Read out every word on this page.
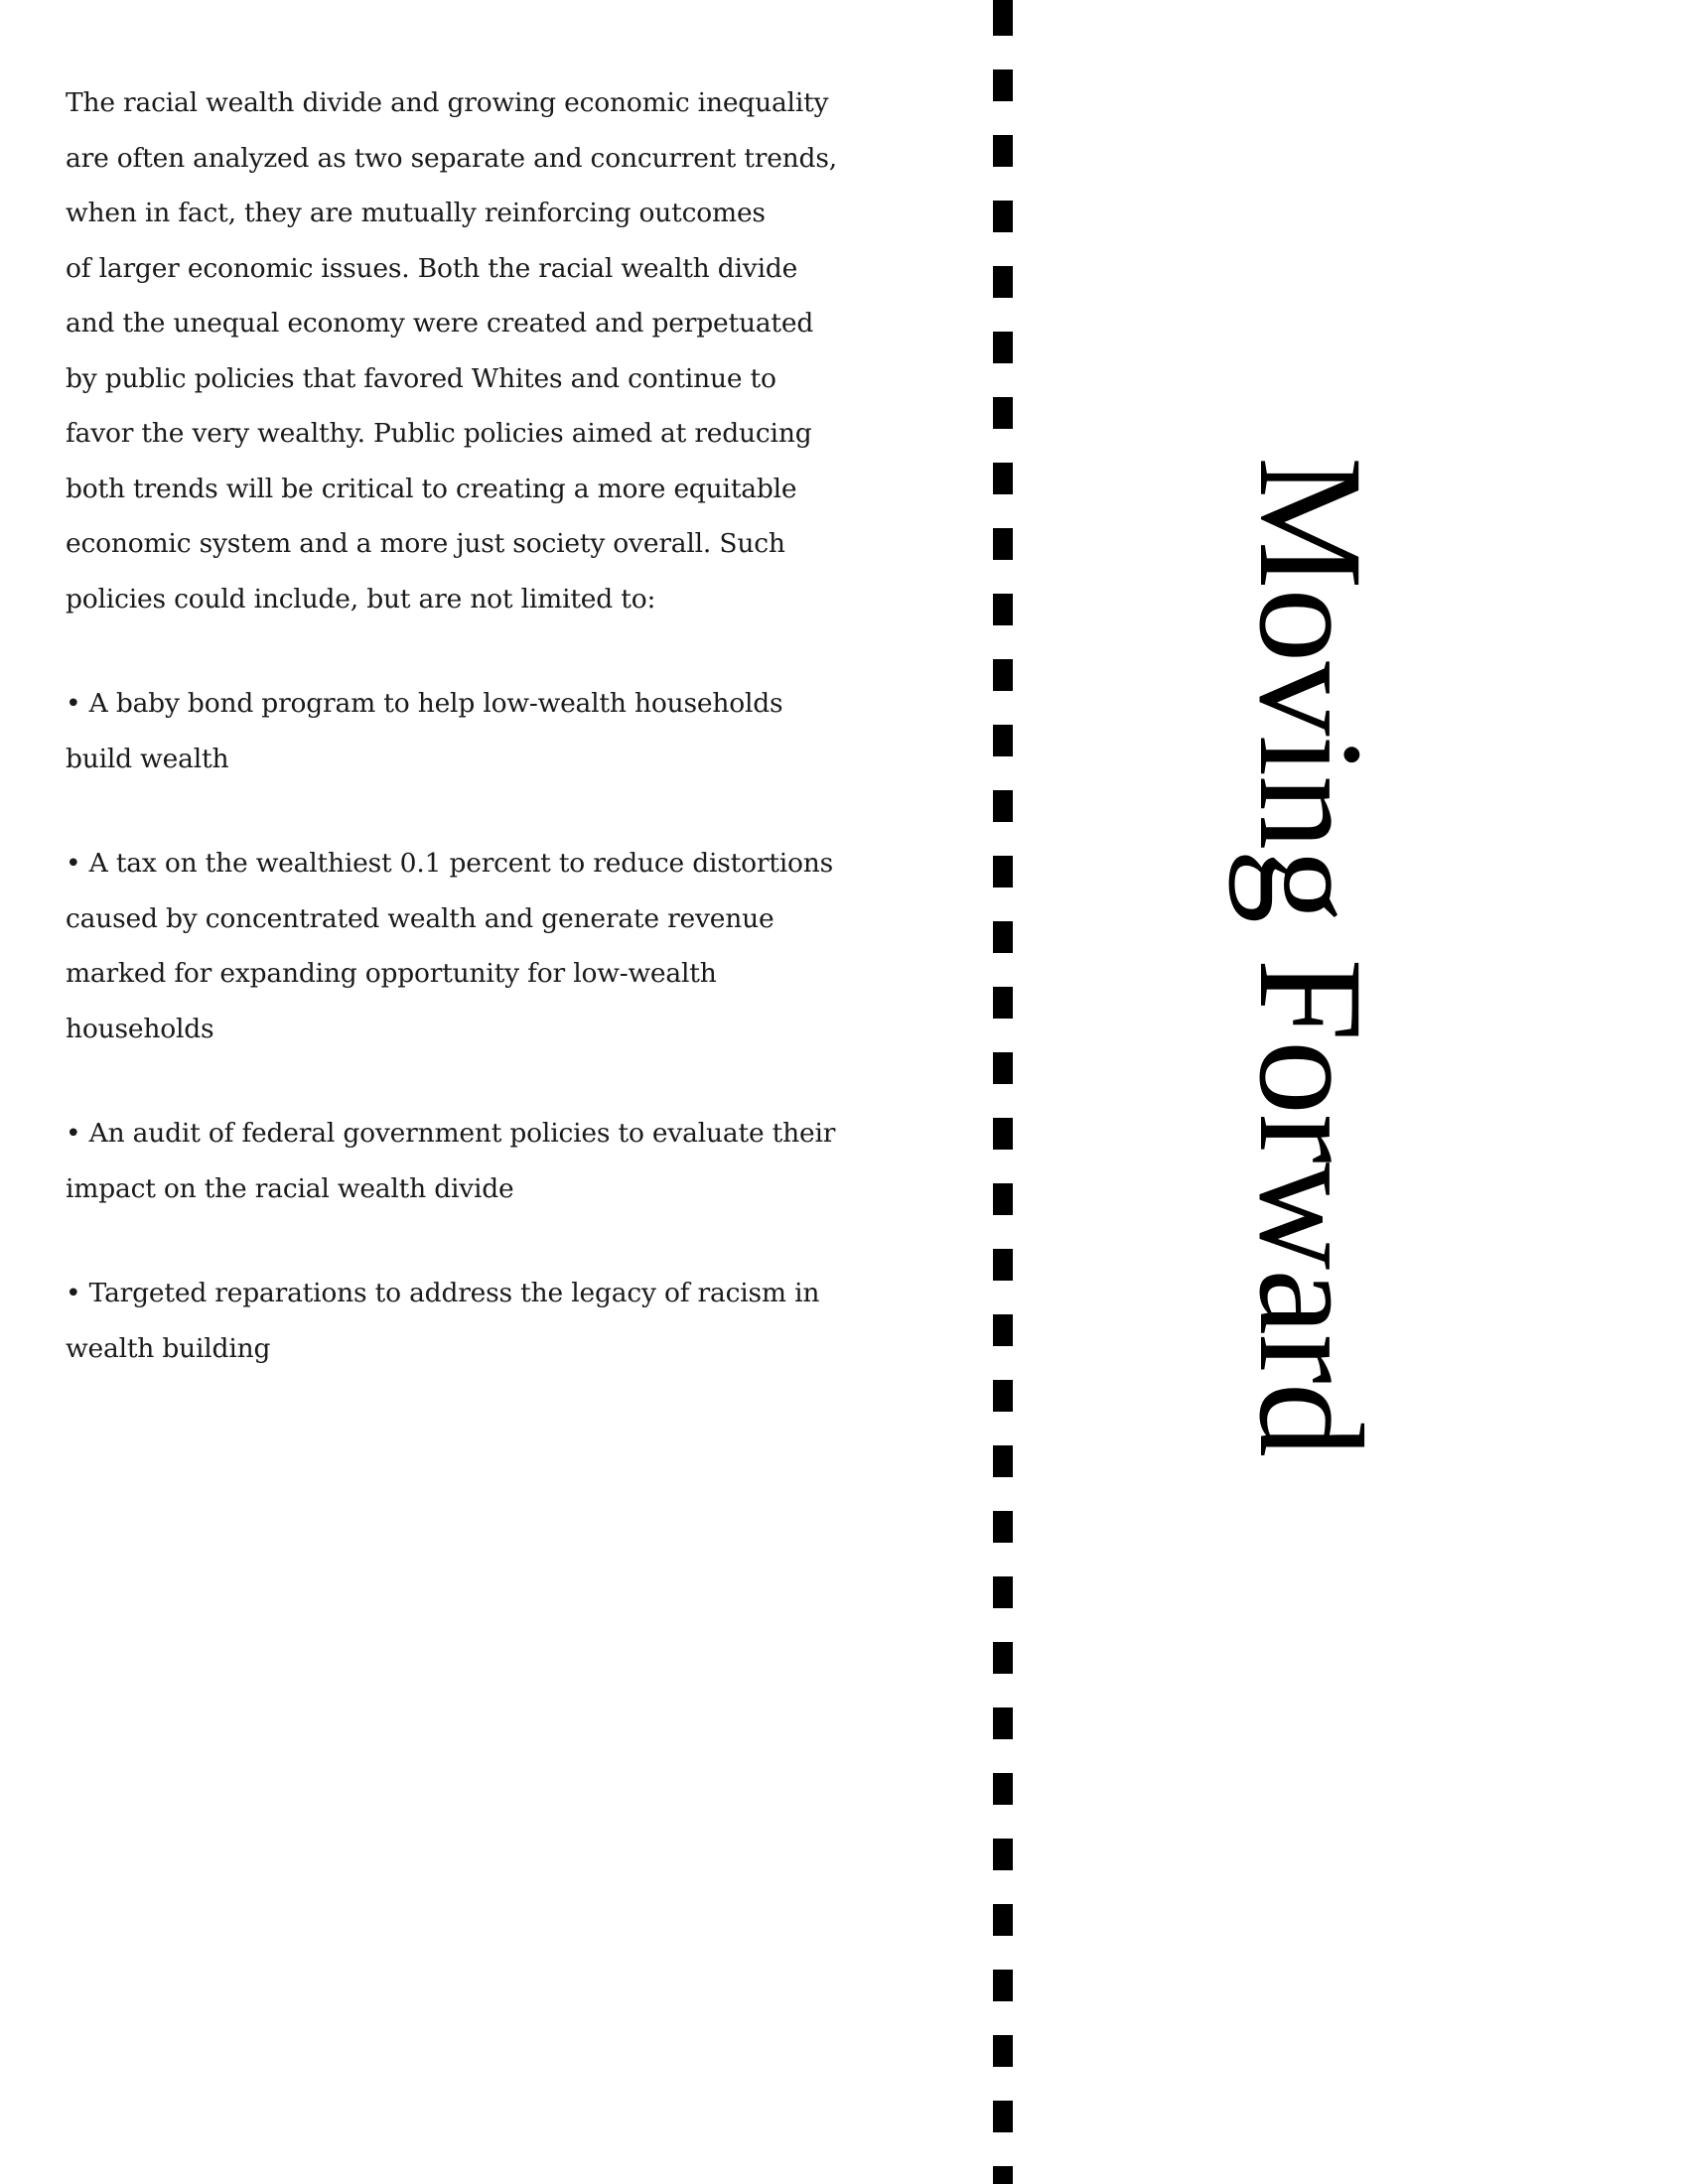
The racial wealth divide and growing economic inequality
are often analyzed as two separate and concurrent trends,
when in fact, they are mutually reinforcing outcomes
of larger economic issues. Both the racial wealth divide
and the unequal economy were created and perpetuated
by public policies that favored Whites and continue to
favor the very wealthy. Public policies aimed at reducing
both trends will be critical to creating a more equitable
economic system and a more just society overall. Such
policies could include, but are not limited to:

• A baby bond program to help low-wealth households
build wealth

• A tax on the wealthiest 0.1 percent to reduce distortions
caused by concentrated wealth and generate revenue
marked for expanding opportunity for low-wealth
households

• An audit of federal government policies to evaluate their
impact on the racial wealth divide

• Targeted reparations to address the legacy of racism in
wealth building	Moving Forward
